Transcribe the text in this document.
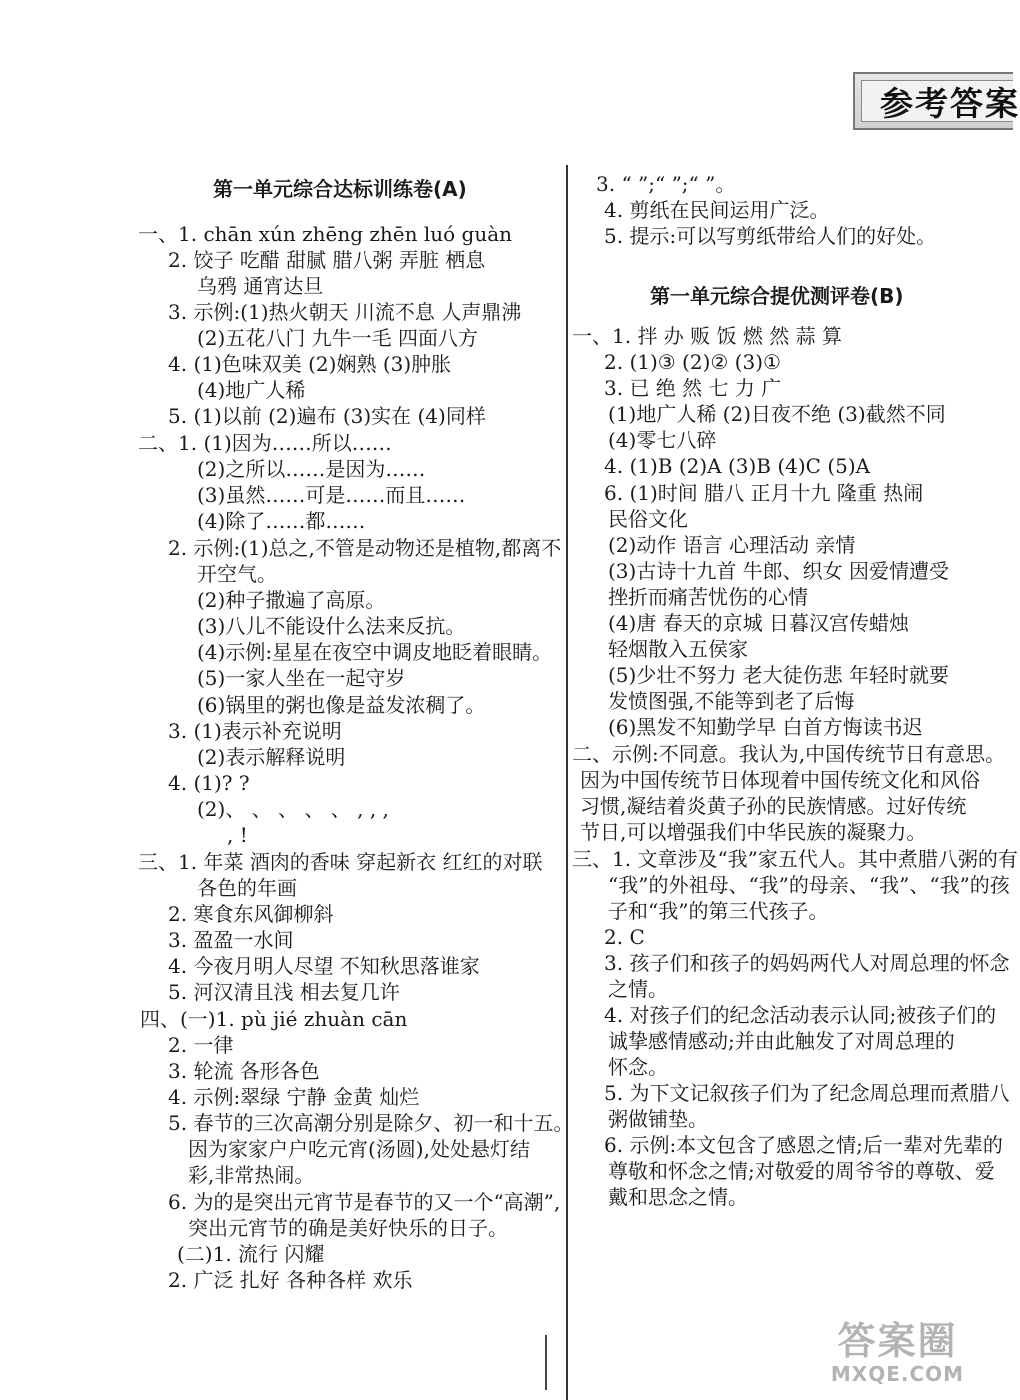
参考答案
第一单元综合达标训练卷(A)
一、1. chān xún zhēng zhēn luó guàn
2. 饺子 吃醋 甜腻 腊八粥 弄脏 栖息
乌鸦 通宵达旦
3. 示例:(1)热火朝天 川流不息 人声鼎沸
(2)五花八门 九牛一毛 四面八方
4. (1)色味双美 (2)娴熟 (3)肿胀
(4)地广人稀
5. (1)以前 (2)遍布 (3)实在 (4)同样
二、1. (1)因为……所以……
(2)之所以……是因为……
(3)虽然……可是……而且……
(4)除了……都……
2. 示例:(1)总之,不管是动物还是植物,都离不
开空气。
(2)种子撒遍了高原。
(3)八儿不能设什么法来反抗。
(4)示例:星星在夜空中调皮地眨着眼睛。
(5)一家人坐在一起守岁
(6)锅里的粥也像是益发浓稠了。
3. (1)表示补充说明
(2)表示解释说明
4. (1)? ?
(2)、 、 、 、 、 , , ,
, !
三、1. 年菜 酒肉的香味 穿起新衣 红红的对联
各色的年画
2. 寒食东风御柳斜
3. 盈盈一水间
4. 今夜月明人尽望 不知秋思落谁家
5. 河汉清且浅 相去复几许
四、(一)1. pù jié zhuàn cān
2. 一律
3. 轮流 各形各色
4. 示例:翠绿 宁静 金黄 灿烂
5. 春节的三次高潮分别是除夕、初一和十五。
因为家家户户吃元宵(汤圆),处处悬灯结
彩,非常热闹。
6. 为的是突出元宵节是春节的又一个“高潮”,
突出元宵节的确是美好快乐的日子。
(二)1. 流行 闪耀
2. 广泛 扎好 各种各样 欢乐
第一单元综合提优测评卷(B)
3. “ ”;“ ”;“ ”。
4. 剪纸在民间运用广泛。
5. 提示:可以写剪纸带给人们的好处。
一、1. 拌 办 贩 饭 燃 然 蒜 算
2. (1)③ (2)② (3)①
3. 已 绝 然 七 力 广
(1)地广人稀 (2)日夜不绝 (3)截然不同
(4)零七八碎
4. (1)B (2)A (3)B (4)C (5)A
6. (1)时间 腊八 正月十九 隆重 热闹
民俗文化
(2)动作 语言 心理活动 亲情
(3)古诗十九首 牛郎、织女 因爱情遭受
挫折而痛苦忧伤的心情
(4)唐 春天的京城 日暮汉宫传蜡烛
轻烟散入五侯家
(5)少壮不努力 老大徒伤悲 年轻时就要
发愤图强,不能等到老了后悔
(6)黑发不知勤学早 白首方悔读书迟
二、示例:不同意。我认为,中国传统节日有意思。
因为中国传统节日体现着中国传统文化和风俗
习惯,凝结着炎黄子孙的民族情感。过好传统
节日,可以增强我们中华民族的凝聚力。
三、1. 文章涉及“我”家五代人。其中煮腊八粥的有
“我”的外祖母、“我”的母亲、“我”、“我”的孩
子和“我”的第三代孩子。
2. C
3. 孩子们和孩子的妈妈两代人对周总理的怀念
之情。
4. 对孩子们的纪念活动表示认同;被孩子们的
诚挚感情感动;并由此触发了对周总理的
怀念。
5. 为下文记叙孩子们为了纪念周总理而煮腊八
粥做铺垫。
6. 示例:本文包含了感恩之情;后一辈对先辈的
尊敬和怀念之情;对敬爱的周爷爷的尊敬、爱
戴和思念之情。
答案圈
MXQE.COM
